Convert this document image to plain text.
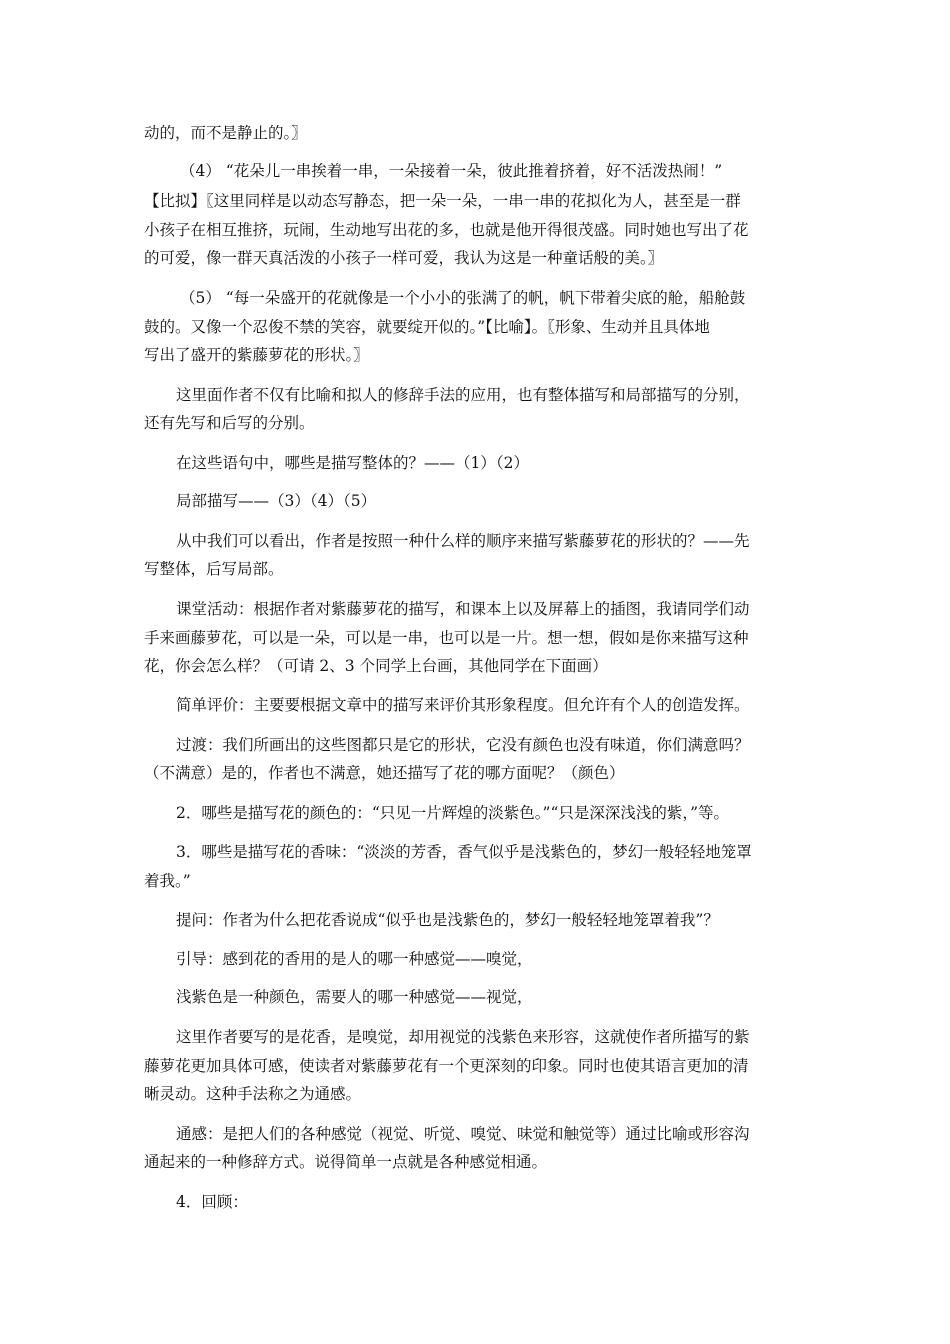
动的，而不是静止的。〗
（4） “花朵儿一串挨着一串，一朵接着一朵，彼此推着挤着，好不活泼热闹！”
【比拟】〖这里同样是以动态写静态，把一朵一朵，一串一串的花拟化为人，甚至是一群
小孩子在相互推挤，玩闹，生动地写出花的多，也就是他开得很茂盛。同时她也写出了花
的可爱，像一群天真活泼的小孩子一样可爱，我认为这是一种童话般的美。〗
（5） “每一朵盛开的花就像是一个小小的张满了的帆，帆下带着尖底的舱，船舱鼓
鼓的。又像一个忍俊不禁的笑容，就要绽开似的。”【比喻】。〖形象、生动并且具体地
写出了盛开的紫藤萝花的形状。〗
这里面作者不仅有比喻和拟人的修辞手法的应用，也有整体描写和局部描写的分别，
还有先写和后写的分别。
在这些语句中，哪些是描写整体的？——（1）（2）
局部描写——（3）（4）（5）
从中我们可以看出，作者是按照一种什么样的顺序来描写紫藤萝花的形状的？——先
写整体，后写局部。
课堂活动：根据作者对紫藤萝花的描写，和课本上以及屏幕上的插图，我请同学们动
手来画藤萝花，可以是一朵，可以是一串，也可以是一片。想一想，假如是你来描写这种
花，你会怎么样？（可请 2、3 个同学上台画，其他同学在下面画）
简单评价：主要要根据文章中的描写来评价其形象程度。但允许有个人的创造发挥。
过渡：我们所画出的这些图都只是它的形状，它没有颜色也没有味道，你们满意吗？
（不满意）是的，作者也不满意，她还描写了花的哪方面呢？（颜色）
2．哪些是描写花的颜色的：“只见一片辉煌的淡紫色。”“只是深深浅浅的紫，”等。
3．哪些是描写花的香味：“淡淡的芳香，香气似乎是浅紫色的，梦幻一般轻轻地笼罩
着我。”
提问：作者为什么把花香说成“似乎也是浅紫色的，梦幻一般轻轻地笼罩着我”？
引导：感到花的香用的是人的哪一种感觉——嗅觉，
浅紫色是一种颜色，需要人的哪一种感觉——视觉，
这里作者要写的是花香，是嗅觉，却用视觉的浅紫色来形容，这就使作者所描写的紫
藤萝花更加具体可感，使读者对紫藤萝花有一个更深刻的印象。同时也使其语言更加的清
晰灵动。这种手法称之为通感。
通感：是把人们的各种感觉（视觉、听觉、嗅觉、味觉和触觉等）通过比喻或形容沟
通起来的一种修辞方式。说得简单一点就是各种感觉相通。
4．回顾：
